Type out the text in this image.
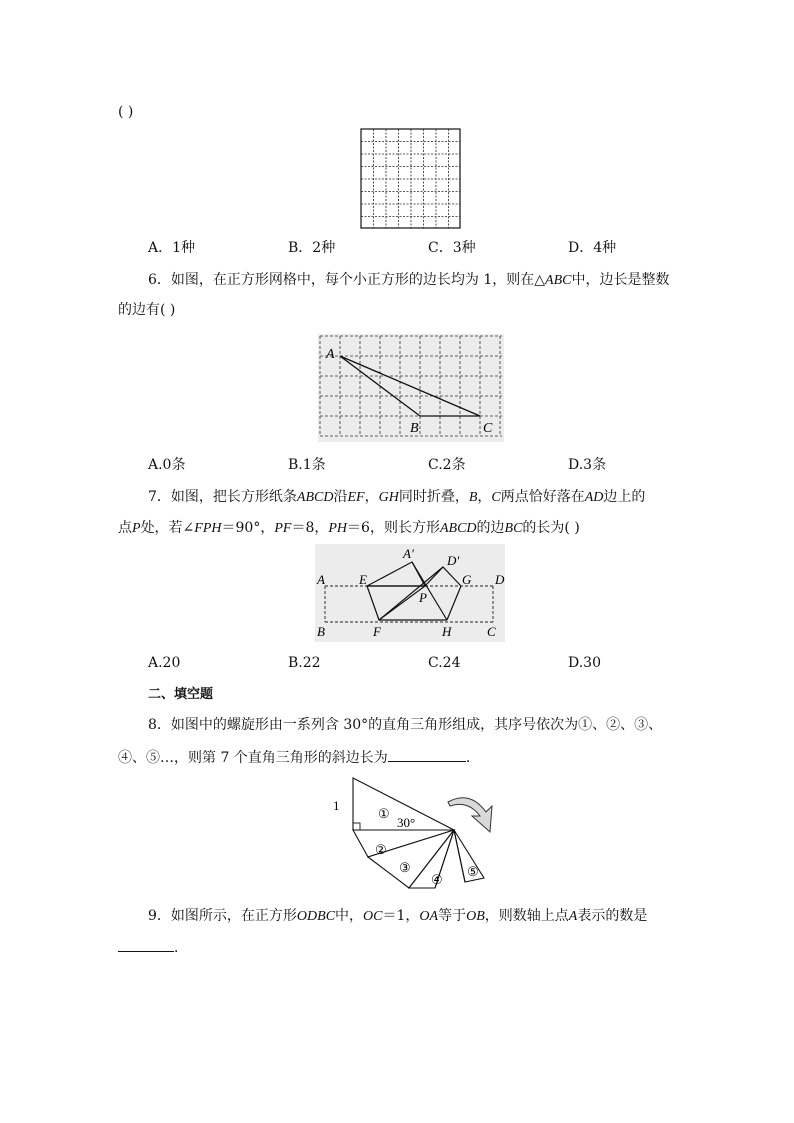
( )
A．1种	B．2种	C．3种	D．4种
6．如图，在正方形网格中，每个小正方形的边长均为 1，则在△ABC中，边长是整数
的边有( )
A
B	C
A.0条	B.1条	C.2条	D.3条
7．如图，把长方形纸条ABCD沿EF，GH同时折叠，B，C两点恰好落在AD边上的
点P处，若∠FPH＝90°，PF＝8，PH＝6，则长方形ABCD的边BC的长为( )
A
B	C
D
E
F
G
H
P
A'	D'
A.20	B.22	C.24	D.30
二、填空题
8．如图中的螺旋形由一系列含 30°的直角三角形组成，其序号依次为①、②、③、
④、⑤…，则第 7 个直角三角形的斜边长为	．
1
30°
①
②
③
④
⑤
9．如图所示，在正方形ODBC中，OC＝1，OA等于OB，则数轴上点A表示的数是
．
